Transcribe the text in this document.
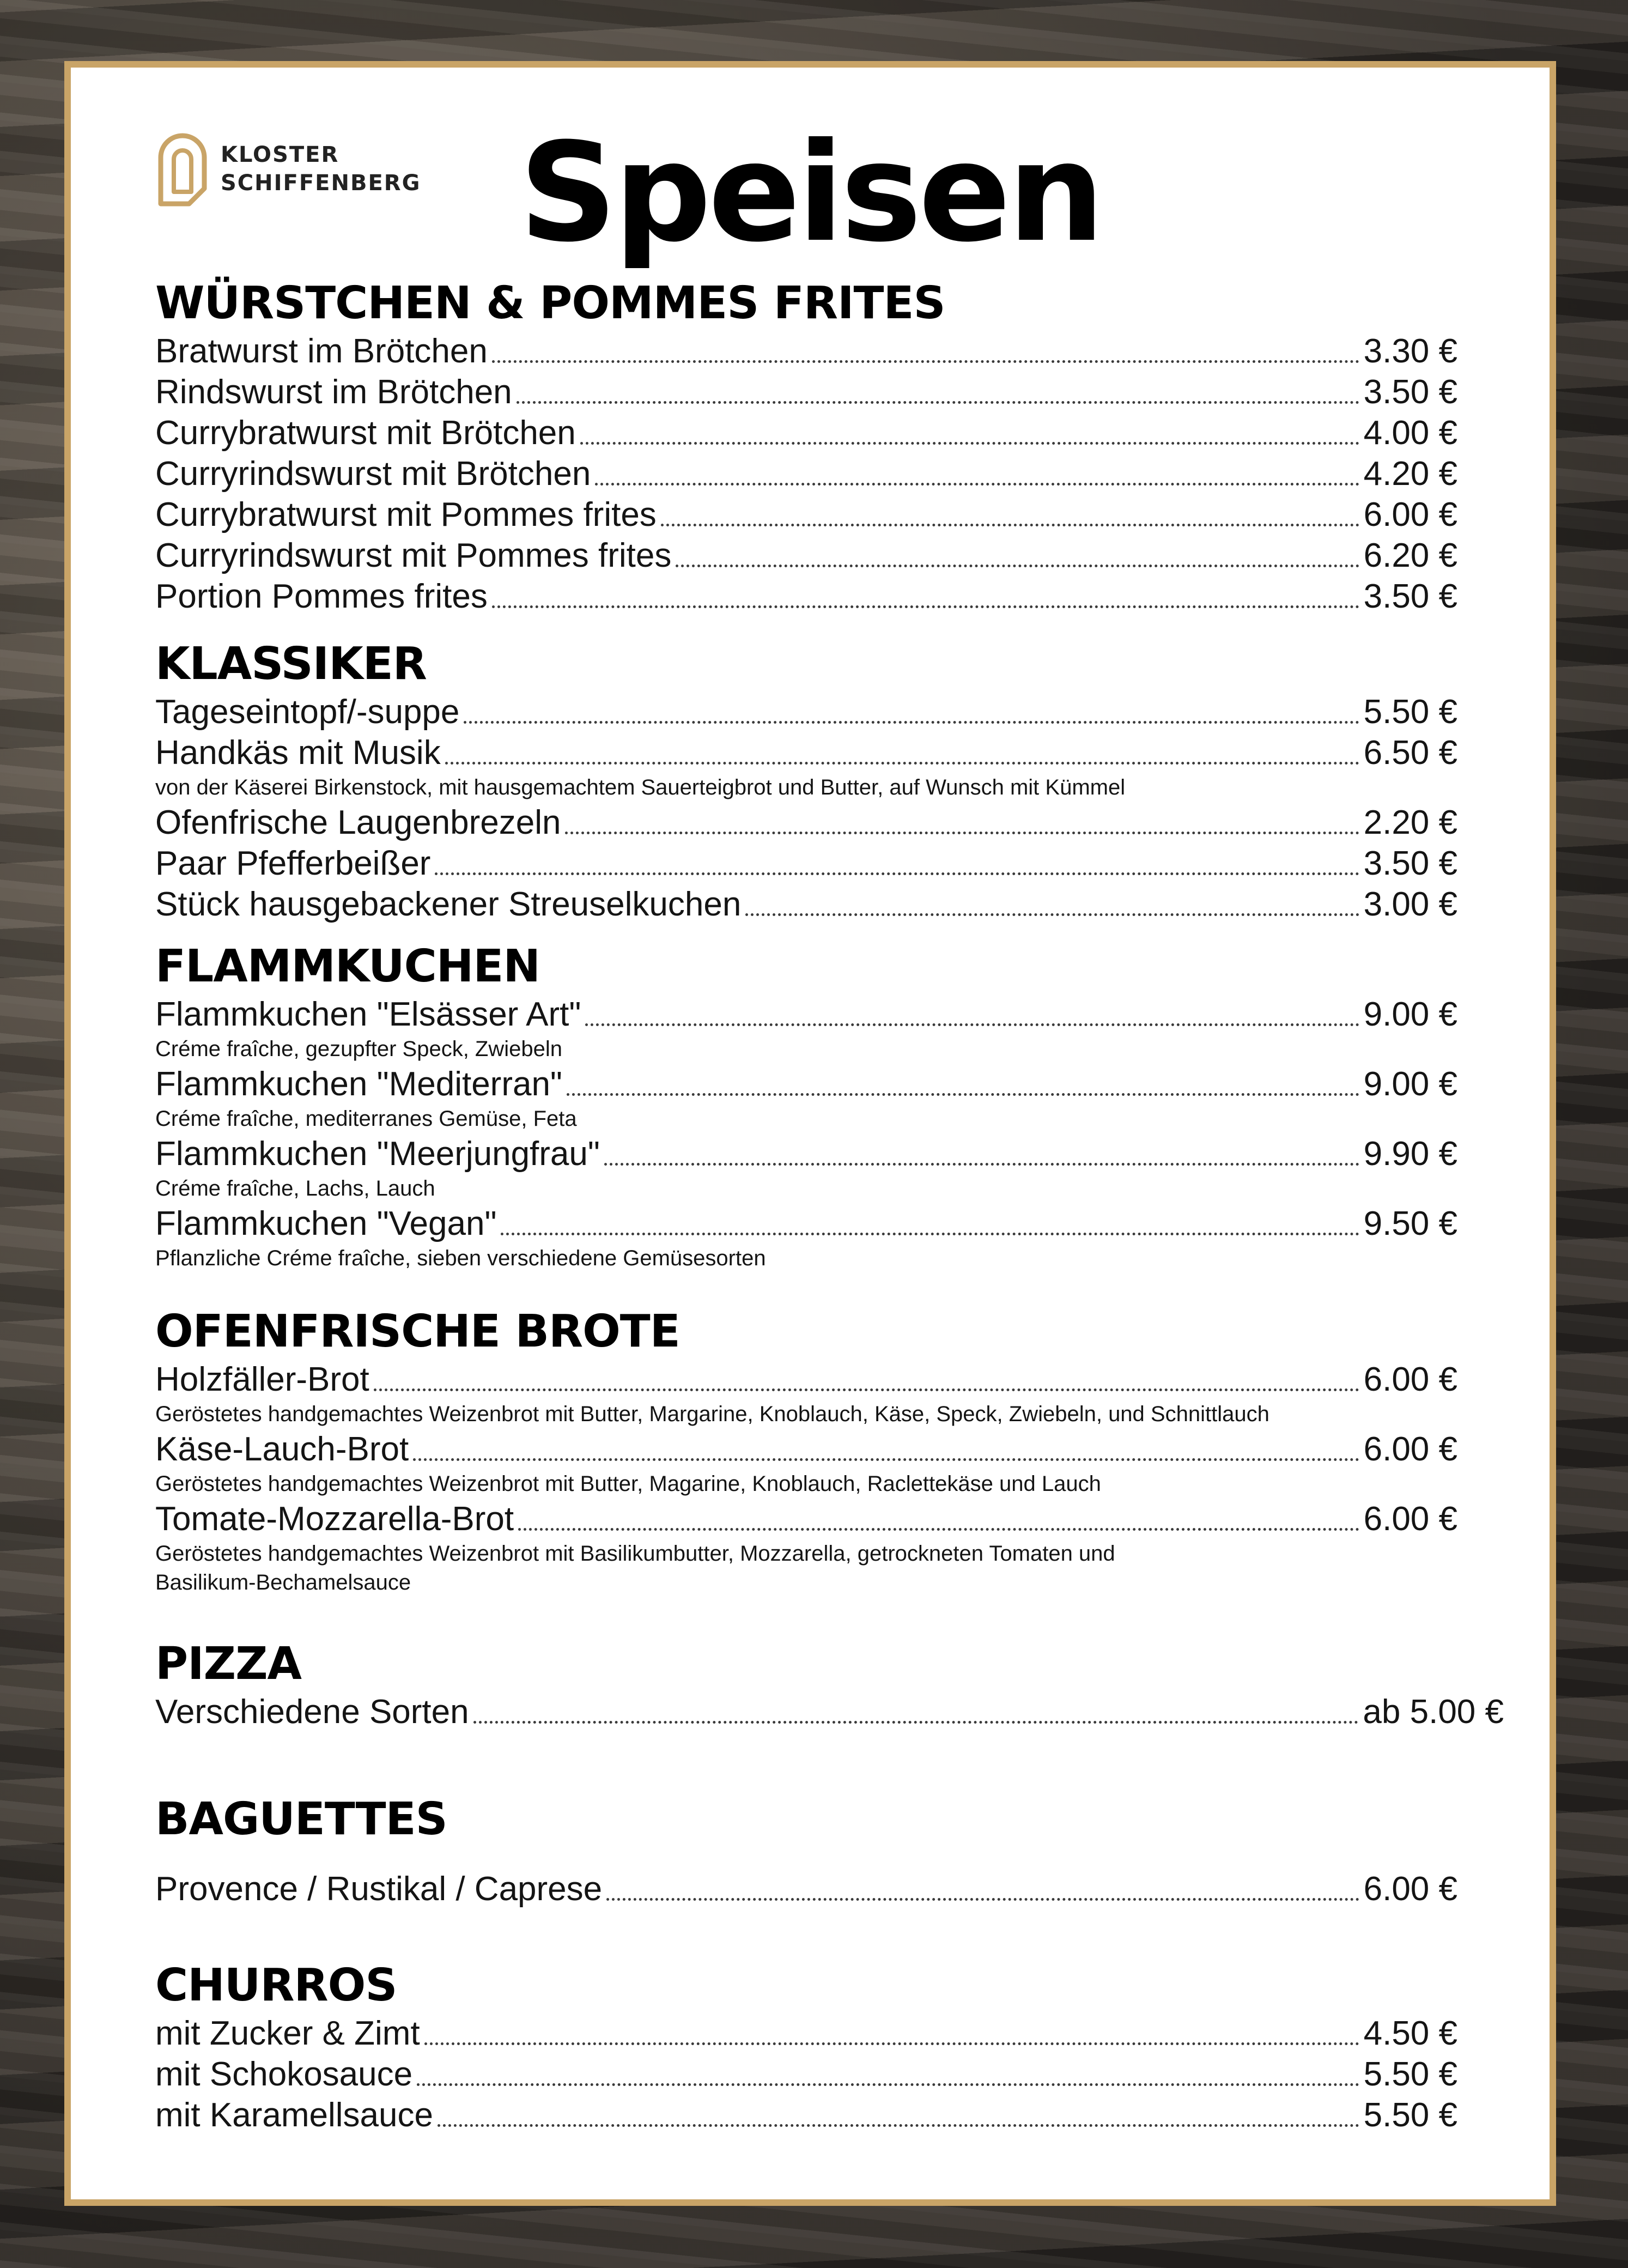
KLOSTER
SCHIFFENBERG Speisen
WÜRSTCHEN & POMMES FRITES
Bratwurst im Brötchen	3.30 €
Rindswurst im Brötchen	3.50 €
Currybratwurst mit Brötchen	4.00 €
Curryrindswurst mit Brötchen	4.20 €
Currybratwurst mit Pommes frites	6.00 €
Curryrindswurst mit Pommes frites	6.20 €
Portion Pommes frites	3.50 €
KLASSIKER
Tageseintopf/-suppe	5.50 €
Handkäs mit Musik	6.50 €
von der Käserei Birkenstock, mit hausgemachtem Sauerteigbrot und Butter, auf Wunsch mit Kümmel
Ofenfrische Laugenbrezeln	2.20 €
Paar Pfefferbeißer	3.50 €
Stück hausgebackener Streuselkuchen	3.00 €
FLAMMKUCHEN
Flammkuchen "Elsässer Art"	9.00 €
Créme fraîche, gezupfter Speck, Zwiebeln
Flammkuchen "Mediterran"	9.00 €
Créme fraîche, mediterranes Gemüse, Feta
Flammkuchen "Meerjungfrau"	9.90 €
Créme fraîche, Lachs, Lauch
Flammkuchen "Vegan"	9.50 €
Pflanzliche Créme fraîche, sieben verschiedene Gemüsesorten
OFENFRISCHE BROTE
Holzfäller-Brot	6.00 €
Geröstetes handgemachtes Weizenbrot mit Butter, Margarine, Knoblauch, Käse, Speck, Zwiebeln, und Schnittlauch
Käse-Lauch-Brot	6.00 €
Geröstetes handgemachtes Weizenbrot mit Butter, Magarine, Knoblauch, Raclettekäse und Lauch
Tomate-Mozzarella-Brot	6.00 €
Geröstetes handgemachtes Weizenbrot mit Basilikumbutter, Mozzarella, getrockneten Tomaten und
Basilikum-Bechamelsauce
PIZZA
Verschiedene Sorten	ab 5.00 €
BAGUETTES
Provence / Rustikal / Caprese	6.00 €
CHURROS
mit Zucker & Zimt	4.50 €
mit Schokosauce	5.50 €
mit Karamellsauce	5.50 €
